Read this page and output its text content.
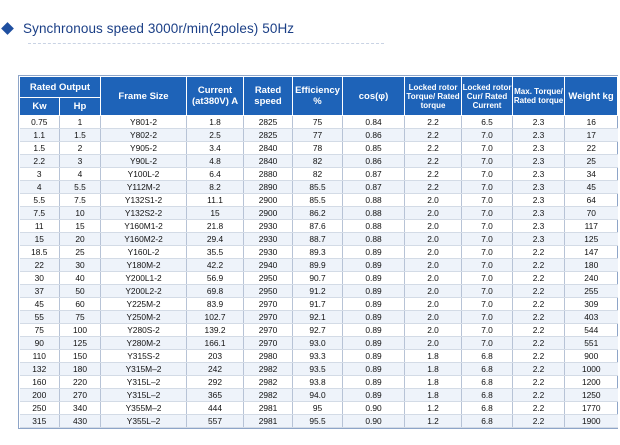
Synchronous speed 3000r/min(2poles) 50Hz
Rated Output		Frame Size	Current (at380V) A	Rated speed	Efficiency %	cos(φ)	Locked rotor Torque/ Rated torque	Locked rotor Cur/ Rated Current	Max. Torque/ Rated torque	Weight kg
Kw	Hp									
0.75	1	Y801-2	1.8	2825	75	0.84	2.2	6.5	2.3	16
1.1	1.5	Y802-2	2.5	2825	77	0.86	2.2	7.0	2.3	17
1.5	2	Y905-2	3.4	2840	78	0.85	2.2	7.0	2.3	22
2.2	3	Y90L-2	4.8	2840	82	0.86	2.2	7.0	2.3	25
3	4	Y100L-2	6.4	2880	82	0.87	2.2	7.0	2.3	34
4	5.5	Y112M-2	8.2	2890	85.5	0.87	2.2	7.0	2.3	45
5.5	7.5	Y132S1-2	11.1	2900	85.5	0.88	2.0	7.0	2.3	64
7.5	10	Y132S2-2	15	2900	86.2	0.88	2.0	7.0	2.3	70
11	15	Y160M1-2	21.8	2930	87.6	0.88	2.0	7.0	2.3	117
15	20	Y160M2-2	29.4	2930	88.7	0.88	2.0	7.0	2.3	125
18.5	25	Y160L-2	35.5	2930	89.3	0.89	2.0	7.0	2.2	147
22	30	Y180M-2	42.2	2940	89.9	0.89	2.0	7.0	2.2	180
30	40	Y200L1-2	56.9	2950	90.7	0.89	2.0	7.0	2.2	240
37	50	Y200L2-2	69.8	2950	91.2	0.89	2.0	7.0	2.2	255
45	60	Y225M-2	83.9	2970	91.7	0.89	2.0	7.0	2.2	309
55	75	Y250M-2	102.7	2970	92.1	0.89	2.0	7.0	2.2	403
75	100	Y280S-2	139.2	2970	92.7	0.89	2.0	7.0	2.2	544
90	125	Y280M-2	166.1	2970	93.0	0.89	2.0	7.0	2.2	551
110	150	Y315S-2	203	2980	93.3	0.89	1.8	6.8	2.2	900
132	180	Y315M–2	242	2982	93.5	0.89	1.8	6.8	2.2	1000
160	220	Y315L–2	292	2982	93.8	0.89	1.8	6.8	2.2	1200
200	270	Y315L–2	365	2982	94.0	0.89	1.8	6.8	2.2	1250
250	340	Y355M–2	444	2981	95	0.90	1.2	6.8	2.2	1770
315	430	Y355L–2	557	2981	95.5	0.90	1.2	6.8	2.2	1900
